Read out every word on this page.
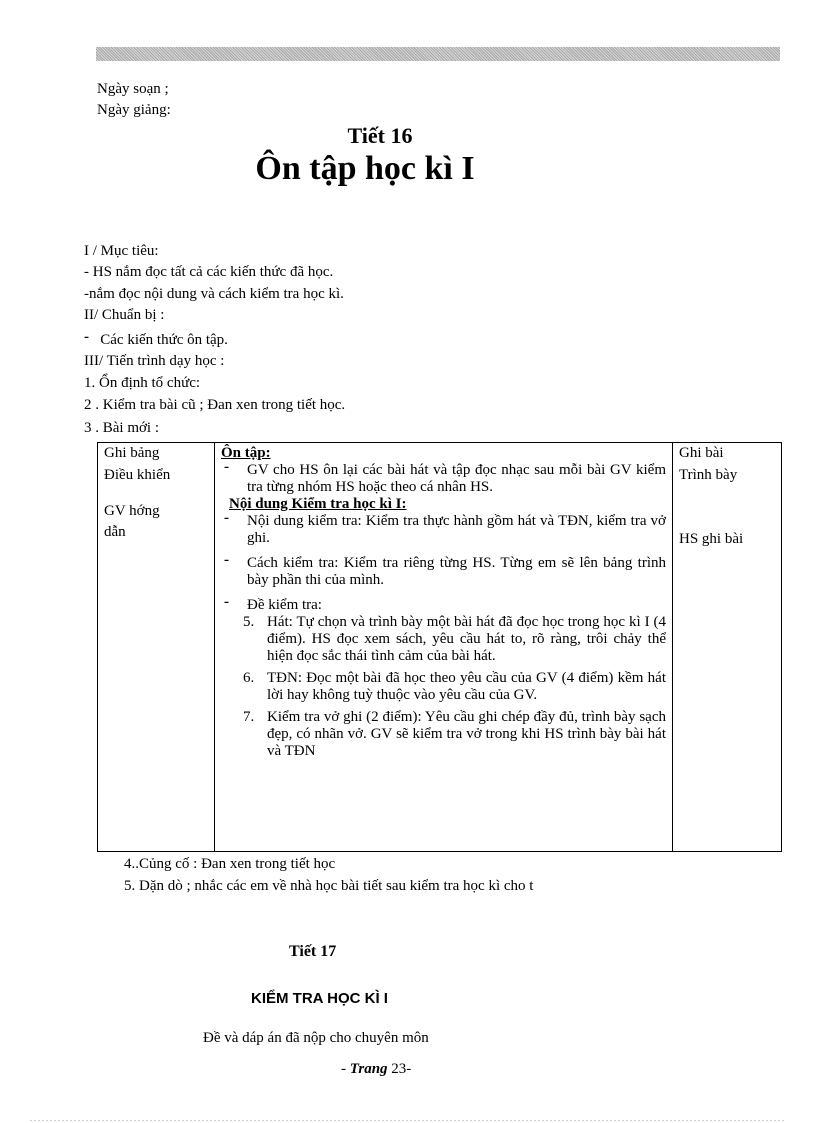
Ngày soạn ;
Ngày giảng:
Tiết 16
Ôn tập học kì I
I / Mục tiêu:
- HS nắm đọc tất cả các kiến thức đã học.
-nắm đọc nội dung và cách kiểm tra học kì.
II/ Chuẩn bị :
- Các kiến thức ôn tập.
III/ Tiến trình dạy học :
1. Ổn định tổ chức:
2 . Kiểm tra bài cũ ; Đan xen trong tiết học.
3 . Bài mới :
Ghi bảng
Điều khiển
GV hớng
dẫn

Ôn tập:

- GV cho HS ôn lại các bài hát và tập đọc nhạc sau mỗi bài GV kiểm tra từng nhóm HS hoặc theo cá nhân HS.

Nội dung Kiểm tra học kì I:

- Nội dung kiểm tra: Kiểm tra thực hành gồm hát và TĐN, kiểm tra vở ghi.
- Cách kiểm tra: Kiểm tra riêng từng HS. Từng em sẽ lên bảng trình bày phần thi của mình.
- Đề kiểm tra:
5. Hát: Tự chọn và trình bày một bài hát đã đọc học trong học kì I (4 điểm). HS đọc xem sách, yêu cầu hát to, rõ ràng, trôi chảy thể hiện đọc sắc thái tình cảm của bài hát.
6. TĐN: Đọc một bài đã học theo yêu cầu của GV (4 điểm) kềm hát lời hay không tuỳ thuộc vào yêu cầu của GV.
7. Kiểm tra vở ghi (2 điểm): Yêu cầu ghi chép đầy đủ, trình bày sạch đẹp, có nhãn vở. GV sẽ kiểm tra vở trong khi HS trình bày bài hát và TĐN

Ghi bài
Trình bày
HS ghi bài
4..Củng cố : Đan xen trong tiết học
5. Dặn dò ; nhắc các em về nhà học bài tiết sau kiểm tra học kì cho t
Tiết 17
KIỂM TRA HỌC KÌ I
Đề và dáp án đã nộp cho chuyên môn
- Trang 23-
